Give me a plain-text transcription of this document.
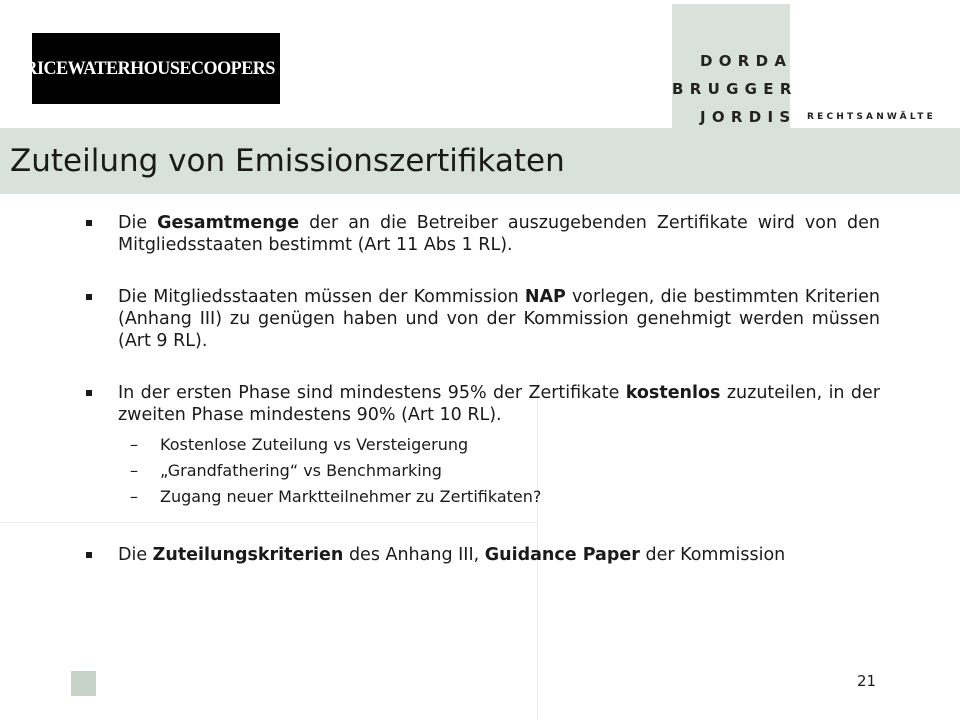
PRICEWATERHOUSECOOPERS PwC	DORDA
BRUGGER
JORDIS RECHTSANWÄLTE
Zuteilung von Emissionszertifikaten

Die Gesamtmenge der an die Betreiber auszugebenden Zertifikate wird von den Mitgliedsstaaten bestimmt (Art 11 Abs 1 RL).

Die Mitgliedsstaaten müssen der Kommission NAP vorlegen, die bestimmten Kriterien (Anhang III) zu genügen haben und von der Kommission genehmigt werden müssen (Art 9 RL).

In der ersten Phase sind mindestens 95% der Zertifikate kostenlos zuzuteilen, in der zweiten Phase mindestens 90% (Art 10 RL).

– Kostenlose Zuteilung vs Versteigerung

– „Grandfathering“ vs Benchmarking

– Zugang neuer Marktteilnehmer zu Zertifikaten?

Die Zuteilungskriterien des Anhang III, Guidance Paper der Kommission

21
